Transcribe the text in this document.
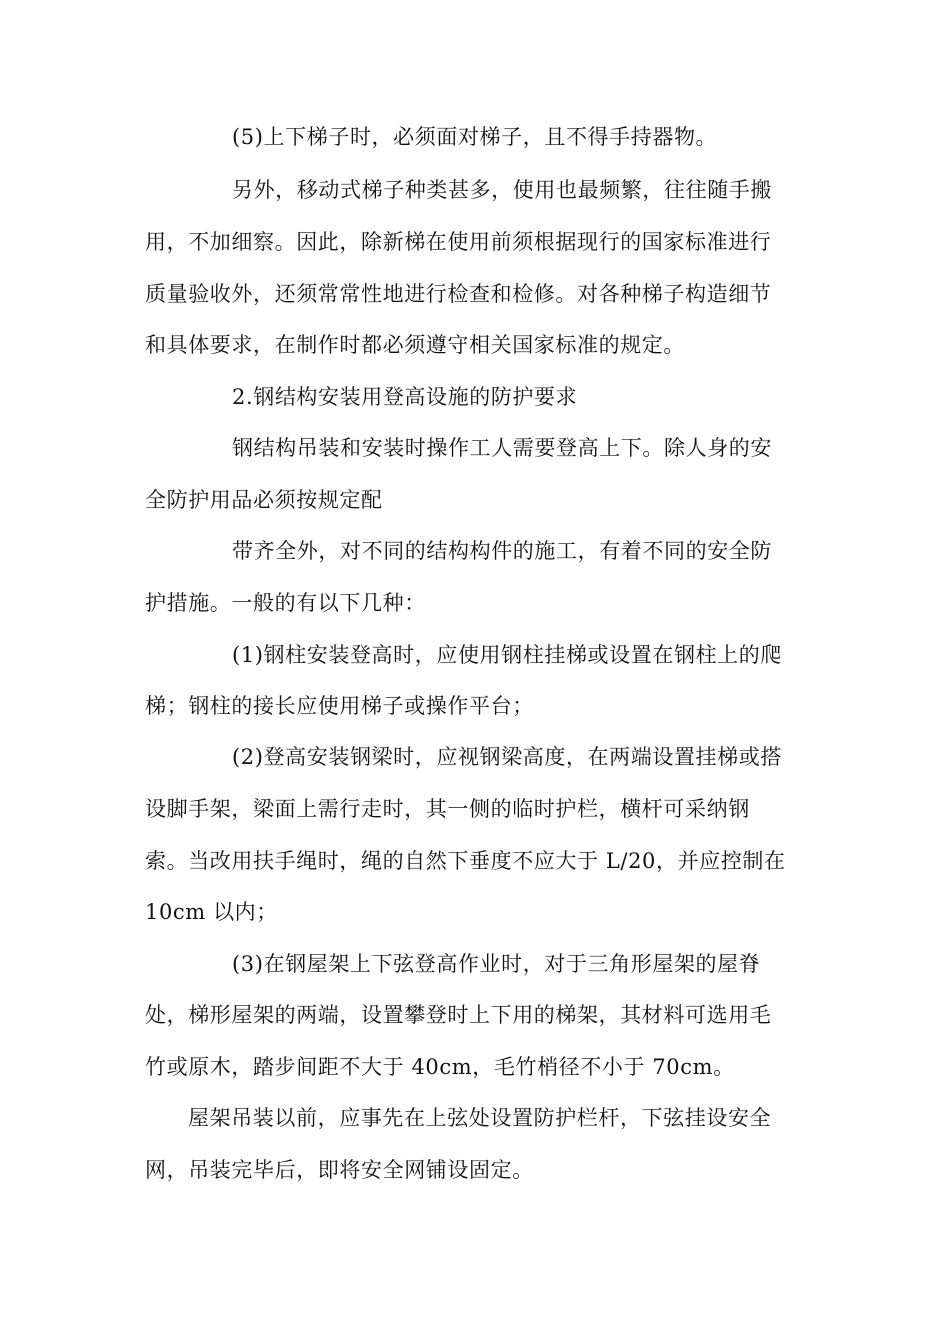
(5)上下梯子时，必须面对梯子，且不得手持器物。
另外，移动式梯子种类甚多，使用也最频繁，往往随手搬
用，不加细察。因此，除新梯在使用前须根据现行的国家标准进行
质量验收外，还须常常性地进行检查和检修。对各种梯子构造细节
和具体要求，在制作时都必须遵守相关国家标准的规定。
2.钢结构安装用登高设施的防护要求
钢结构吊装和安装时操作工人需要登高上下。除人身的安
全防护用品必须按规定配
带齐全外，对不同的结构构件的施工，有着不同的安全防
护措施。一般的有以下几种：
(1)钢柱安装登高时，应使用钢柱挂梯或设置在钢柱上的爬
梯；钢柱的接长应使用梯子或操作平台；
(2)登高安装钢梁时，应视钢梁高度，在两端设置挂梯或搭
设脚手架，梁面上需行走时，其一侧的临时护栏，横杆可采纳钢
索。当改用扶手绳时，绳的自然下垂度不应大于 L/20，并应控制在
10cm 以内；
(3)在钢屋架上下弦登高作业时，对于三角形屋架的屋脊
处，梯形屋架的两端，设置攀登时上下用的梯架，其材料可选用毛
竹或原木，踏步间距不大于 40cm，毛竹梢径不小于 70cm。
屋架吊装以前，应事先在上弦处设置防护栏杆，下弦挂设安全
网，吊装完毕后，即将安全网铺设固定。
